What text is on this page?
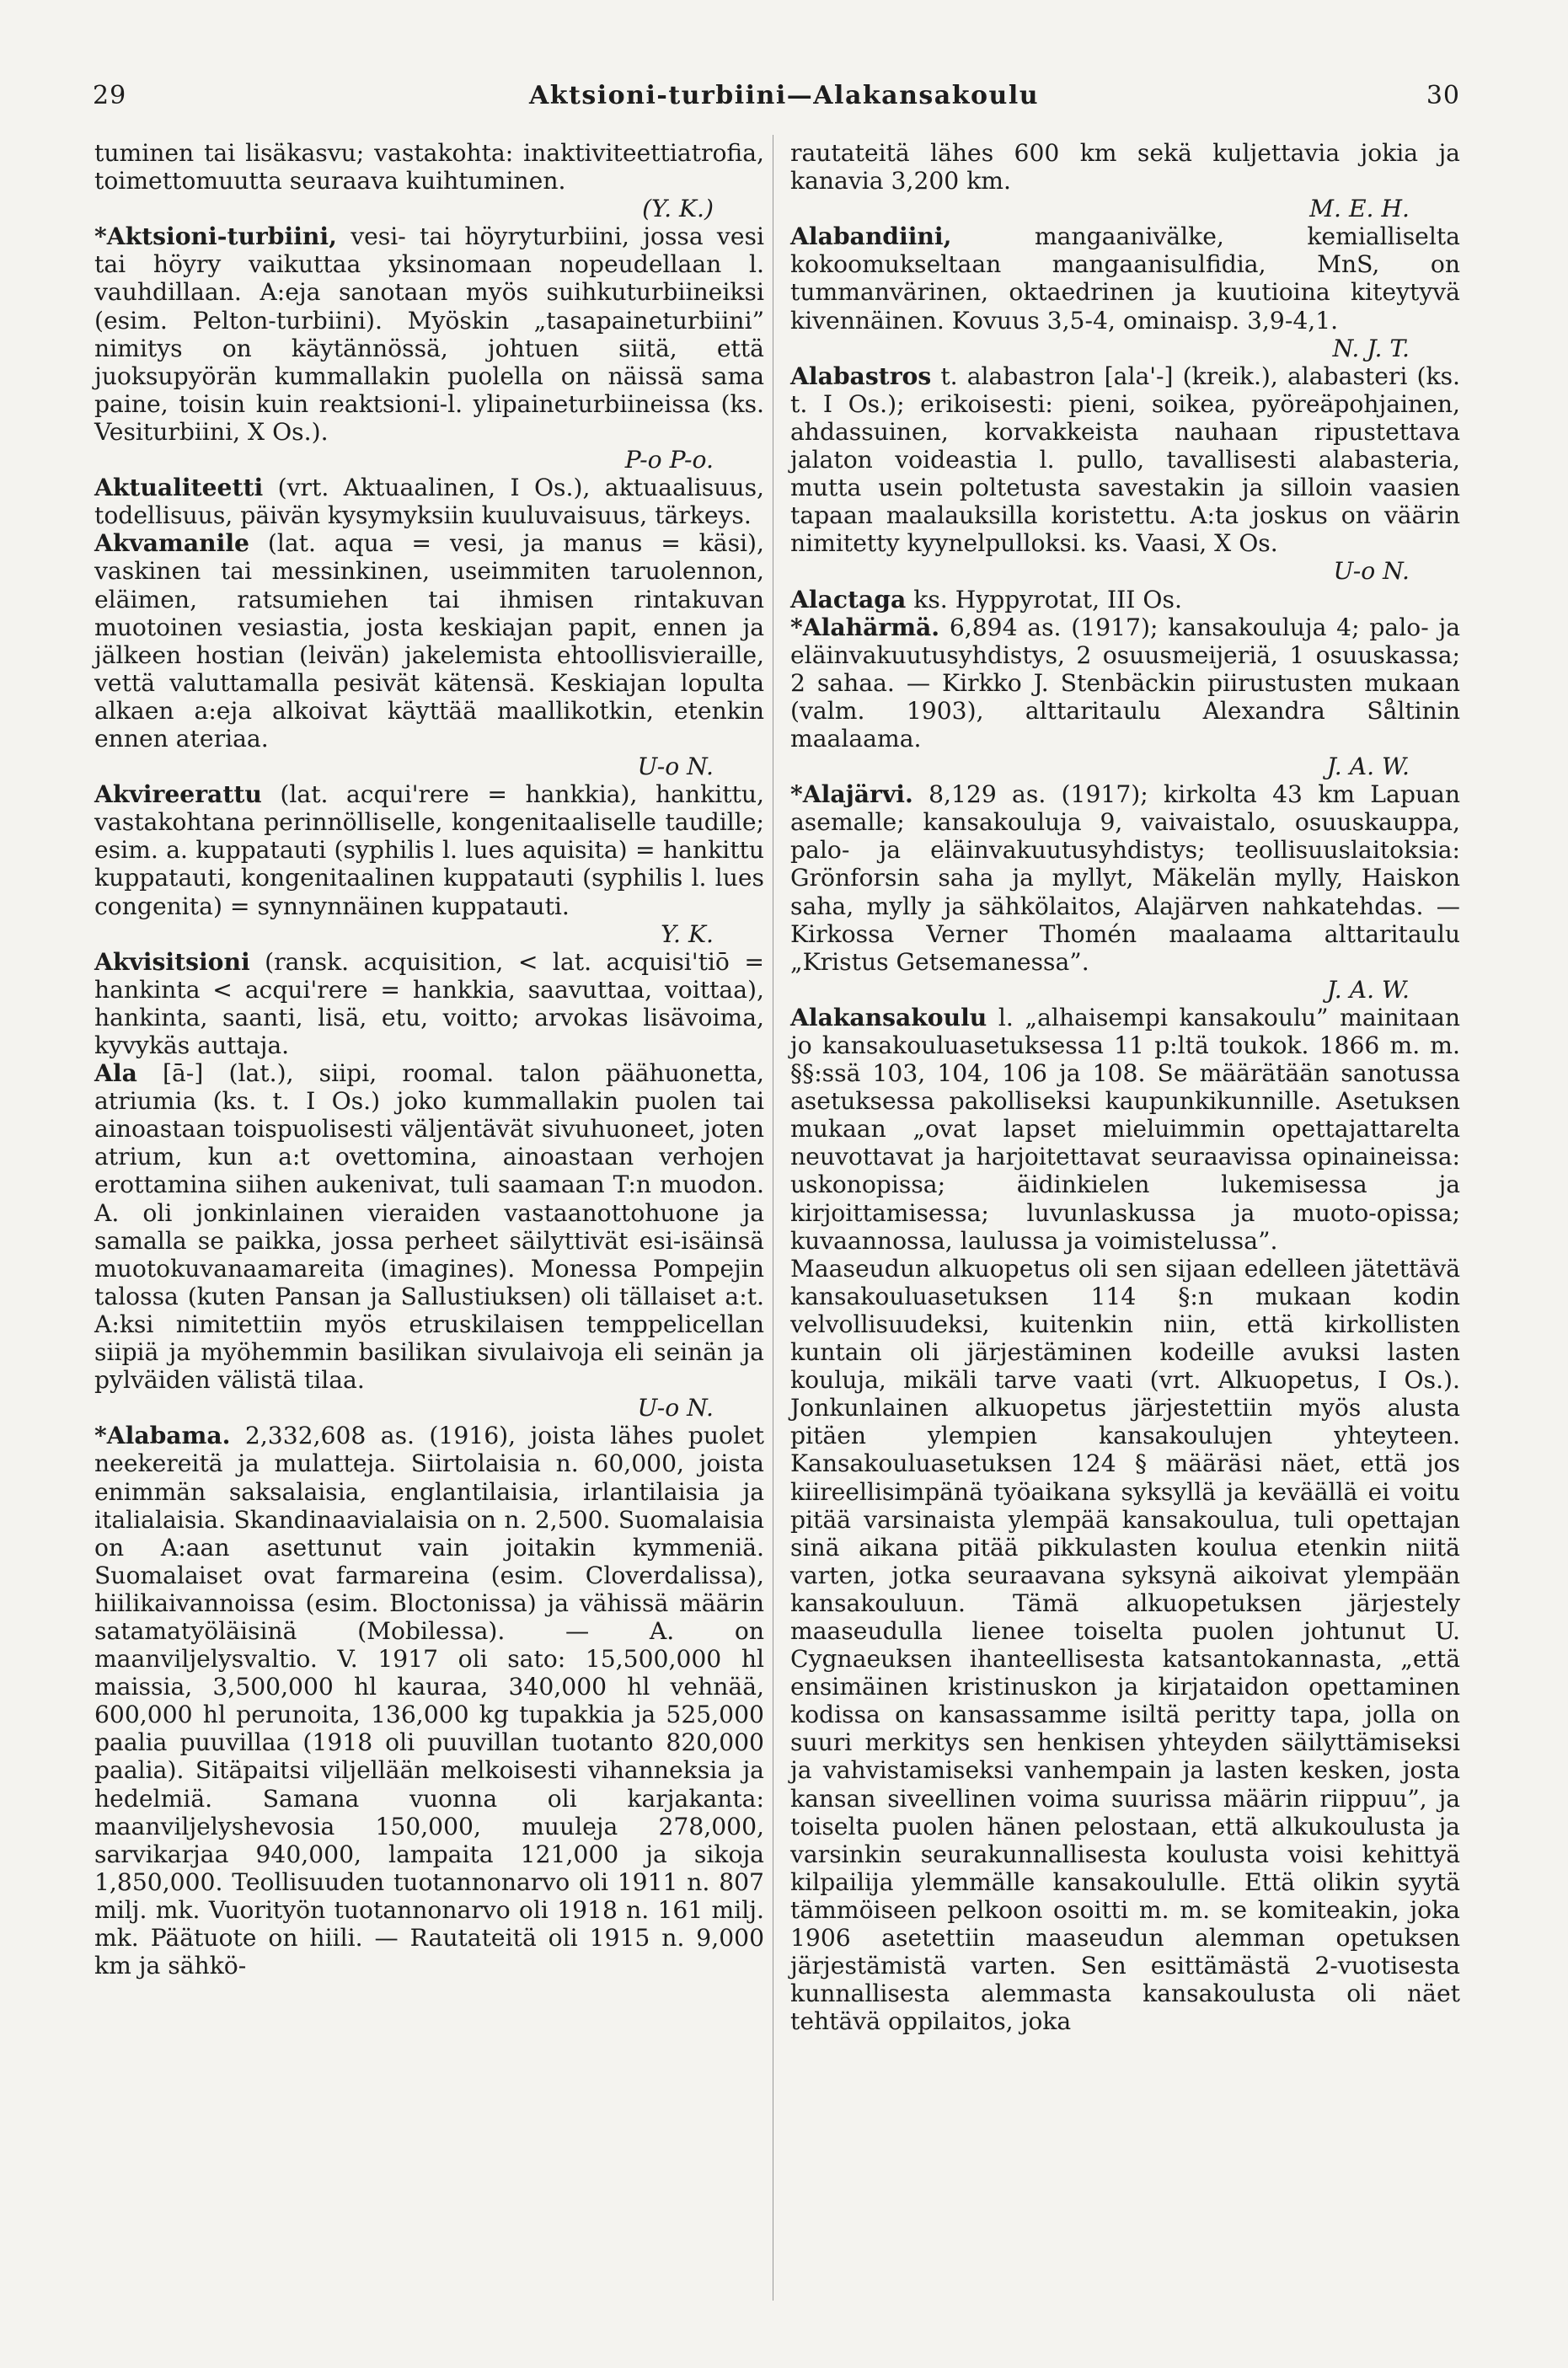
29	Aktsioni-turbiini—Alakansakoulu	30

tuminen tai lisäkasvu; vastakohta: inaktiviteettiatrofia, toimettomuutta seuraava kuihtuminen.
(Y. K.)

*Aktsioni-turbiini, vesi- tai höyryturbiini, jossa vesi tai höyry vaikuttaa yksinomaan nopeudellaan l. vauhdillaan. A:eja sanotaan myös suihkuturbiineiksi (esim. Pelton-turbiini). Myöskin „tasapaineturbiini” nimitys on käytännössä, johtuen siitä, että juoksupyörän kummallakin puolella on näissä sama paine, toisin kuin reaktsioni-l. ylipaineturbiineissa (ks. Vesiturbiini, X Os.).
P-o P-o.

Aktualiteetti (vrt. Aktuaalinen, I Os.), aktuaalisuus, todellisuus, päivän kysymyksiin kuuluvaisuus, tärkeys.

Akvamanile (lat. aqua = vesi, ja manus = käsi), vaskinen tai messinkinen, useimmiten taruolennon, eläimen, ratsumiehen tai ihmisen rintakuvan muotoinen vesiastia, josta keskiajan papit, ennen ja jälkeen hostian (leivän) jakelemista ehtoollisvieraille, vettä valuttamalla pesivät kätensä. Keskiajan lopulta alkaen a:eja alkoivat käyttää maallikotkin, etenkin ennen ateriaa.
U-o N.

Akvireerattu (lat. acqui'rere = hankkia), hankittu, vastakohtana perinnölliselle, kongenitaaliselle taudille; esim. a. kuppatauti (syphilis l. lues aquisita) = hankittu kuppatauti, kongenitaalinen kuppatauti (syphilis l. lues congenita) = synnynnäinen kuppatauti.
Y. K.

Akvisitsioni (ransk. acquisition, < lat. acquisi'tiō = hankinta < acqui'rere = hankkia, saavuttaa, voittaa), hankinta, saanti, lisä, etu, voitto; arvokas lisävoima, kyvykäs auttaja.

Ala [ā-] (lat.), siipi, roomal. talon päähuonetta, atriumia (ks. t. I Os.) joko kummallakin puolen tai ainoastaan toispuolisesti väljentävät sivuhuoneet, joten atrium, kun a:t ovettomina, ainoastaan verhojen erottamina siihen aukenivat, tuli saamaan T:n muodon. A. oli jonkinlainen vieraiden vastaanottohuone ja samalla se paikka, jossa perheet säilyttivät esi-isäinsä muotokuvanaamareita (imagines). Monessa Pompejin talossa (kuten Pansan ja Sallustiuksen) oli tällaiset a:t. A:ksi nimitettiin myös etruskilaisen temppelicellan siipiä ja myöhemmin basilikan sivulaivoja eli seinän ja pylväiden välistä tilaa.
U-o N.

*Alabama. 2,332,608 as. (1916), joista lähes puolet neekereitä ja mulatteja. Siirtolaisia n. 60,000, joista enimmän saksalaisia, englantilaisia, irlantilaisia ja italialaisia. Skandinaavialaisia on n. 2,500. Suomalaisia on A:aan asettunut vain joitakin kymmeniä. Suomalaiset ovat farmareina (esim. Cloverdalissa), hiilikaivannoissa (esim. Bloctonissa) ja vähissä määrin satamatyöläisinä (Mobilessa). — A. on maanviljelysvaltio. V. 1917 oli sato: 15,500,000 hl maissia, 3,500,000 hl kauraa, 340,000 hl vehnää, 600,000 hl perunoita, 136,000 kg tupakkia ja 525,000 paalia puuvillaa (1918 oli puuvillan tuotanto 820,000 paalia). Sitäpaitsi viljellään melkoisesti vihanneksia ja hedelmiä. Samana vuonna oli karjakanta: maanviljelyshevosia 150,000, muuleja 278,000, sarvikarjaa 940,000, lampaita 121,000 ja sikoja 1,850,000. Teollisuuden tuotannonarvo oli 1911 n. 807 milj. mk. Vuorityön tuotannonarvo oli 1918 n. 161 milj. mk. Päätuote on hiili. — Rautateitä oli 1915 n. 9,000 km ja sähkö-

rautateitä lähes 600 km sekä kuljettavia jokia ja kanavia 3,200 km.
M. E. H.

Alabandiini,	mangaanivälke, kemialliselta kokoomukseltaan mangaanisulfidia, MnS, on tummanvärinen, oktaedrinen ja kuutioina kiteytyvä kivennäinen. Kovuus 3,5-4, ominaisp. 3,9-4,1.
N. J. T.

Alabastros t. alabastron [ala'-] (kreik.), alabasteri (ks. t. I Os.); erikoisesti: pieni, soikea, pyöreäpohjainen, ahdassuinen, korvakkeista nauhaan ripustettava jalaton voideastia l. pullo, tavallisesti alabasteria, mutta usein poltetusta savestakin ja silloin vaasien tapaan maalauksilla koristettu. A:ta joskus on väärin nimitetty kyynelpulloksi. ks. Vaasi, X Os.
U-o N.

Alactaga ks. Hyppyrotat, III Os.

*Alahärmä. 6,894 as. (1917); kansakouluja 4; palo- ja eläinvakuutusyhdistys, 2 osuusmeijeriä, 1 osuuskassa; 2 sahaa. — Kirkko J. Stenbäckin piirustusten mukaan (valm. 1903), alttaritaulu Alexandra Såltinin maalaama.
J. A. W.

*Alajärvi. 8,129 as. (1917); kirkolta 43 km Lapuan asemalle; kansakouluja 9, vaivaistalo, osuuskauppa, palo- ja eläinvakuutusyhdistys; teollisuuslaitoksia: Grönforsin saha ja myllyt, Mäkelän mylly, Haiskon saha, mylly ja sähkölaitos, Alajärven nahkatehdas. — Kirkossa Verner Thomén maalaama alttaritaulu „Kristus Getsemanessa”.
J. A. W.

Alakansakoulu l. „alhaisempi kansakoulu” mainitaan jo kansakouluasetuksessa 11 p:ltä toukok. 1866 m. m. §§:ssä 103, 104, 106 ja 108. Se määrätään sanotussa asetuksessa pakolliseksi kaupunkikunnille. Asetuksen mukaan „ovat lapset mieluimmin opettajattarelta neuvottavat ja harjoitettavat seuraavissa opinaineissa: uskonopissa; äidinkielen lukemisessa ja kirjoittamisessa; luvunlaskussa ja muoto-opissa; kuvaannossa, laulussa ja voimistelussa”.

Maaseudun alkuopetus oli sen sijaan edelleen jätettävä kansakouluasetuksen 114 §:n mukaan kodin velvollisuudeksi, kuitenkin niin, että kirkollisten kuntain oli järjestäminen kodeille avuksi lasten kouluja, mikäli tarve vaati (vrt. Alkuopetus, I Os.). Jonkunlainen alkuopetus järjestettiin myös alusta pitäen ylempien kansakoulujen yhteyteen. Kansakouluasetuksen 124 § määräsi näet, että jos kiireellisimpänä työaikana syksyllä ja keväällä ei voitu pitää varsinaista ylempää kansakoulua, tuli opettajan sinä aikana pitää pikkulasten koulua etenkin niitä varten, jotka seuraavana syksynä aikoivat ylempään kansakouluun. Tämä alkuopetuksen järjestely maaseudulla lienee toiselta puolen johtunut U. Cygnaeuksen ihanteellisesta katsantokannasta, „että ensimäinen kristinuskon ja kirjataidon opettaminen kodissa on kansassamme isiltä peritty tapa, jolla on suuri merkitys sen henkisen yhteyden säilyttämiseksi ja vahvistamiseksi vanhempain ja lasten kesken, josta kansan siveellinen voima suurissa määrin riippuu”, ja toiselta puolen hänen pelostaan, että alkukoulusta ja varsinkin seurakunnallisesta koulusta voisi kehittyä kilpailija ylemmälle kansakoululle. Että olikin syytä tämmöiseen pelkoon osoitti m. m. se komiteakin, joka 1906 asetettiin maaseudun alemman opetuksen järjestämistä varten. Sen esittämästä 2-vuotisesta kunnallisesta alemmasta kansakoulusta oli näet tehtävä oppilaitos, joka
